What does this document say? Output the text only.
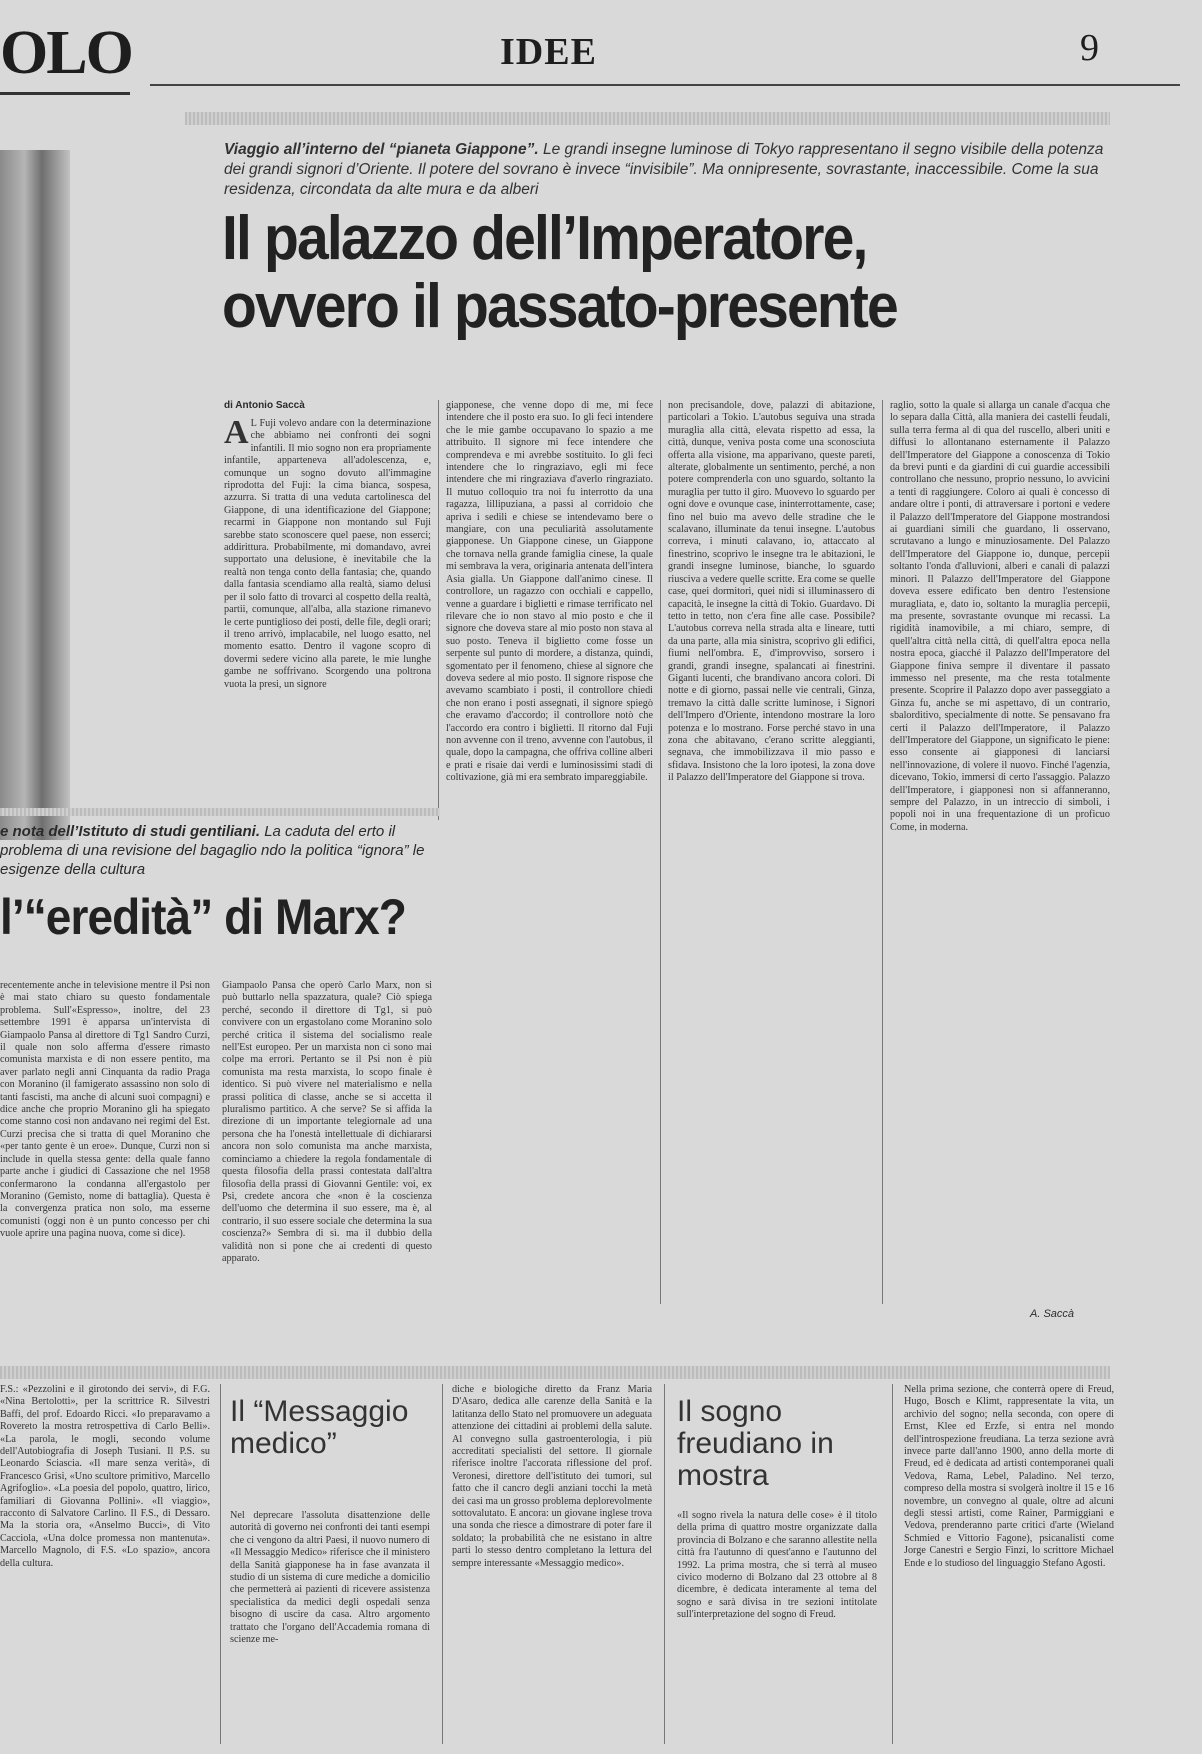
OLO	IDEE	9
Viaggio all’interno del “pianeta Giappone”. Le grandi insegne luminose di Tokyo rappresentano il segno visibile della potenza dei grandi signori d’Oriente. Il potere del sovrano è invece “invisibile”. Ma onnipresente, sovrastante, inaccessibile. Come la sua residenza, circondata da alte mura e da alberi
Il palazzo dell’Imperatore,
ovvero il passato-presente
di Antonio Saccà
A L Fuji volevo andare con la determinazione che abbiamo nei confronti dei sogni infantili. Il mio sogno non era propriamente infantile, apparteneva all'adolescenza, e, comunque un sogno dovuto all'immagine riprodotta del Fuji: la cima bianca, sospesa, azzurra. Si tratta di una veduta cartolinesca del Giappone, di una identificazione del Giappone; recarmi in Giappone non montando sul Fuji sarebbe stato sconoscere quel paese, non esserci; addirittura. Probabilmente, mi domandavo, avrei supportato una delusione, è inevitabile che la realtà non tenga conto della fantasia; che, quando dalla fantasia scendiamo alla realtà, siamo delusi per il solo fatto di trovarci al cospetto della realtà, partii, comunque, all'alba, alla stazione rimanevo le certe puntiglioso dei posti, delle file, degli orari; il treno arrivò, implacabile, nel luogo esatto, nel momento esatto. Dentro il vagone scopro di dovermi sedere vicino alla parete, le mie lunghe gambe ne soffrivano. Scorgendo una poltrona vuota la presi, un signore
giapponese, che venne dopo di me, mi fece intendere che il posto era suo. Io gli feci intendere che le mie gambe occupavano lo spazio a me attribuito. Il signore mi fece intendere che comprendeva e mi avrebbe sostituito. Io gli feci intendere che lo ringraziavo, egli mi fece intendere che mi ringraziava d'averlo ringraziato. Il mutuo colloquio tra noi fu interrotto da una ragazza, lillipuziana, a passi al corridoio che apriva i sedili e chiese se intendevamo bere o mangiare, con una peculiarità assolutamente giapponese. Un Giappone cinese, un Giappone che tornava nella grande famiglia cinese, la quale mi sembrava la vera, originaria antenata dell'intera Asia gialla. Un Giappone dall'animo cinese. Il controllore, un ragazzo con occhiali e cappello, venne a guardare i biglietti e rimase terrificato nel rilevare che io non stavo al mio posto e che il signore che doveva stare al mio posto non stava al suo posto. Teneva il biglietto come fosse un serpente sul punto di mordere, a distanza, quindi, sgomentato per il fenomeno, chiese al signore che doveva sedere al mio posto. Il signore rispose che avevamo scambiato i posti, il controllore chiedi che non erano i posti assegnati, il signore spiegò che eravamo d'accordo; il controllore notò che l'accordo era contro i biglietti. Il ritorno dal Fuji non avvenne con il treno, avvenne con l'autobus, il quale, dopo la campagna, che offriva colline alberi e prati e risaie dai verdi e luminosissimi stadi di coltivazione, già mi era sembrato impareggiabile.
non precisandole, dove, palazzi di abitazione, particolari a Tokio. L'autobus seguiva una strada muraglia alla città, elevata rispetto ad essa, la città, dunque, veniva posta come una sconosciuta offerta alla visione, ma apparivano, queste pareti, alterate, globalmente un sentimento, perché, a non potere comprenderla con uno sguardo, soltanto la muraglia per tutto il giro. Muovevo lo sguardo per ogni dove e ovunque case, ininterrottamente, case; fino nel buio ma avevo delle stradine che le scalavano, illuminate da tenui insegne. L'autobus correva, i minuti calavano, io, attaccato al finestrino, scoprivo le insegne tra le abitazioni, le grandi insegne luminose, bianche, lo sguardo riusciva a vedere quelle scritte. Era come se quelle case, quei dormitori, quei nidi si illuminassero di capacità, le insegne la città di Tokio. Guardavo. Di tetto in tetto, non c'era fine alle case. Possibile? L'autobus correva nella strada alta e lineare, tutti da una parte, alla mia sinistra, scoprivo gli edifici, fiumi nell'ombra. E, d'improvviso, sorsero i grandi, grandi insegne, spalancati ai finestrini. Giganti lucenti, che brandivano ancora colori. Di notte e di giorno, passai nelle vie centrali, Ginza, tremavo la città dalle scritte luminose, i Signori dell'Impero d'Oriente, intendono mostrare la loro potenza e lo mostrano. Forse perché stavo in una zona che abitavano, c'erano scritte aleggianti, segnava, che immobilizzava il mio passo e sfidava. Insistono che la loro ipotesi, la zona dove il Palazzo dell'Imperatore del Giappone si trova.
raglio, sotto la quale si allarga un canale d'acqua che lo separa dalla Città, alla maniera dei castelli feudali, sulla terra ferma al di qua del ruscello, alberi uniti e diffusi lo allontanano esternamente il Palazzo dell'Imperatore del Giappone a conoscenza di Tokio da brevi punti e da giardini di cui guardie accessibili controllano che nessuno, proprio nessuno, lo avvicini a tenti di raggiungere. Coloro ai quali è concesso di andare oltre i ponti, di attraversare i portoni e vedere il Palazzo dell'Imperatore del Giappone mostrandosi ai guardiani simili che guardano, li osservano, scrutavano a lungo e minuziosamente. Del Palazzo dell'Imperatore del Giappone io, dunque, percepii soltanto l'onda d'alluvioni, alberi e canali di palazzi minori. Il Palazzo dell'Imperatore del Giappone doveva essere edificato ben dentro l'estensione muragliata, e, dato io, soltanto la muraglia percepii, ma presente, sovrastante ovunque mi recassi. La rigidità inamovibile, a mi chiaro, sempre, di quell'altra città nella città, di quell'altra epoca nella nostra epoca, giacché il Palazzo dell'Imperatore del Giappone finiva sempre il diventare il passato immesso nel presente, ma che resta totalmente presente. Scoprire il Palazzo dopo aver passeggiato a Ginza fu, anche se mi aspettavo, di un contrario, sbalorditivo, specialmente di notte. Se pensavano fra certi il Palazzo dell'Imperatore, il Palazzo dell'Imperatore del Giappone, un significato le piene: esso consente ai giapponesi di lanciarsi nell'innovazione, di volere il nuovo. Finché l'agenzia, dicevano, Tokio, immersi di certo l'assaggio. Palazzo dell'Imperatore, i giapponesi non si affanneranno, sempre del Palazzo, in un intreccio di simboli, i popoli noi in una frequentazione di un proficuo Come, in moderna.
A. Saccà
e nota dell’Istituto di studi gentiliani. La caduta del erto il problema di una revisione del bagaglio ndo la politica “ignora” le esigenze della cultura
l’“eredità” di Marx?
recentemente anche in televisione mentre il Psi non è mai stato chiaro su questo fondamentale problema. Sull'«Espresso», inoltre, del 23 settembre 1991 è apparsa un'intervista di Giampaolo Pansa al direttore di Tg1 Sandro Curzi, il quale non solo afferma d'essere rimasto comunista marxista e di non essere pentito, ma aver parlato negli anni Cinquanta da radio Praga con Moranino (il famigerato assassino non solo di tanti fascisti, ma anche di alcuni suoi compagni) e dice anche che proprio Moranino gli ha spiegato come stanno così non andavano nei regimi del Est. Curzi precisa che si tratta di quel Moranino che «per tanto gente è un eroe». Dunque, Curzi non si include in quella stessa gente: della quale fanno parte anche i giudici di Cassazione che nel 1958 confermarono la condanna all'ergastolo per Moranino (Gemisto, nome di battaglia). Questa è la convergenza pratica non solo, ma esserne comunisti (oggi non è un punto concesso per chi vuole aprire una pagina nuova, come si dice).
Giampaolo Pansa che operò Carlo Marx, non si può buttarlo nella spazzatura, quale? Ciò spiega perché, secondo il direttore di Tg1, si può convivere con un ergastolano come Moranino solo perché critica il sistema del socialismo reale nell'Est europeo. Per un marxista non ci sono mai colpe ma errori. Pertanto se il Psi non è più comunista ma resta marxista, lo scopo finale è identico. Si può vivere nel materialismo e nella prassi politica di classe, anche se si accetta il pluralismo partitico. A che serve? Se si affida la direzione di un importante telegiornale ad una persona che ha l'onestà intellettuale di dichiararsi ancora non solo comunista ma anche marxista, cominciamo a chiedere la regola fondamentale di questa filosofia della prassi contestata dall'altra filosofia della prassi di Giovanni Gentile: voi, ex Psi, credete ancora che «non è la coscienza dell'uomo che determina il suo essere, ma è, al contrario, il suo essere sociale che determina la sua coscienza?» Sembra di sì. ma il dubbio della validità non si pone che ai credenti di questo apparato.
F.S.: «Pezzolini e il girotondo dei servi», di F.G. «Nina Bertolotti», per la scrittrice R. Silvestri Baffi, del prof. Edoardo Ricci. «Io preparavamo a Rovereto la mostra retrospettiva di Carlo Belli». «La parola, le mogli, secondo volume dell'Autobiografia di Joseph Tusiani. Il P.S. su Leonardo Sciascia. «Il mare senza verità», di Francesco Grisi, «Uno scultore primitivo, Marcello Agrifoglio». «La poesia del popolo, quattro, lirico, familiari di Giovanna Pollini». «Il viaggio», racconto di Salvatore Carlino. Il F.S., di Dessaro. Ma la storia ora, «Anselmo Bucci», di Vito Cacciola, «Una dolce promessa non mantenuta». Marcello Magnolo, di F.S. «Lo spazio», ancora della cultura.
Il “Messaggio medico”
Nel deprecare l'assoluta disattenzione delle autorità di governo nei confronti dei tanti esempi che ci vengono da altri Paesi, il nuovo numero di «Il Messaggio Medico» riferisce che il ministero della Sanità giapponese ha in fase avanzata il studio di un sistema di cure mediche a domicilio che permetterà ai pazienti di ricevere assistenza specialistica da medici degli ospedali senza bisogno di uscire da casa. Altro argomento trattato che l'organo dell'Accademia romana di scienze me-
diche e biologiche diretto da Franz Maria D'Asaro, dedica alle carenze della Sanità e la latitanza dello Stato nel promuovere un adeguata attenzione dei cittadini ai problemi della salute. Al convegno sulla gastroenterologia, i più accreditati specialisti del settore. Il giornale riferisce inoltre l'accorata riflessione del prof. Veronesi, direttore dell'istituto dei tumori, sul fatto che il cancro degli anziani tocchi la metà dei casi ma un grosso problema deplorevolmente sottovalutato. E ancora: un giovane inglese trova una sonda che riesce a dimostrare di poter fare il soldato; la probabilità che ne esistano in altre parti lo stesso dentro completano la lettura del sempre interessante «Messaggio medico».
Il sogno freudiano in mostra
«Il sogno rivela la natura delle cose» è il titolo della prima di quattro mostre organizzate dalla provincia di Bolzano e che saranno allestite nella città fra l'autunno di quest'anno e l'autunno del 1992. La prima mostra, che si terrà al museo civico moderno di Bolzano dal 23 ottobre al 8 dicembre, è dedicata interamente al tema del sogno e sarà divisa in tre sezioni intitolate sull'interpretazione del sogno di Freud.
Nella prima sezione, che conterrà opere di Freud, Hugo, Bosch e Klimt, rappresentate la vita, un archivio del sogno; nella seconda, con opere di Ernst, Klee ed Erzfe, si entra nel mondo dell'introspezione freudiana. La terza sezione avrà invece parte dall'anno 1900, anno della morte di Freud, ed è dedicata ad artisti contemporanei quali Vedova, Rama, Lebel, Paladino. Nel terzo, compreso della mostra si svolgerà inoltre il 15 e 16 novembre, un convegno al quale, oltre ad alcuni degli stessi artisti, come Rainer, Parmiggiani e Vedova, prenderanno parte critici d'arte (Wieland Schmied e Vittorio Fagone), psicanalisti come Jorge Canestri e Sergio Finzi, lo scrittore Michael Ende e lo studioso del linguaggio Stefano Agosti.
